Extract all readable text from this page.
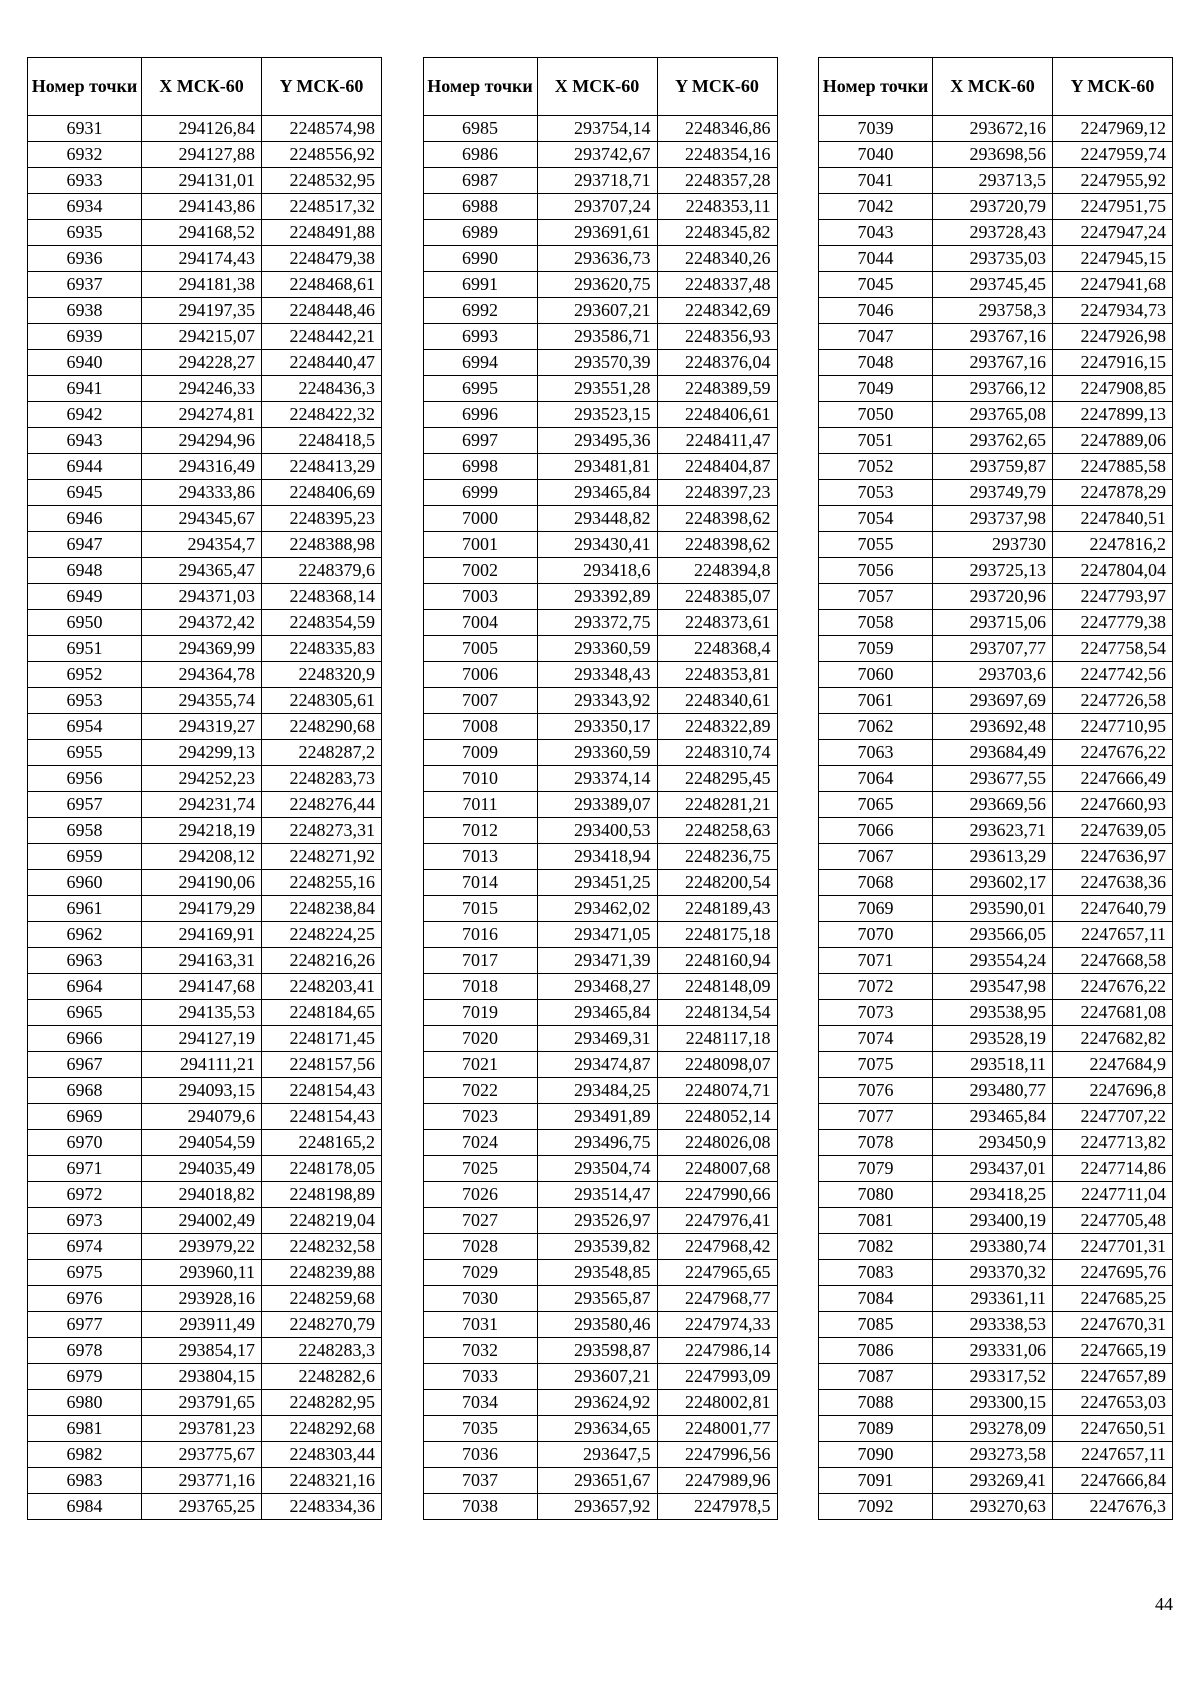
Номер точки	X МСК-60	Y МСК-60
6931	294126,84	2248574,98
6932	294127,88	2248556,92
6933	294131,01	2248532,95
6934	294143,86	2248517,32
6935	294168,52	2248491,88
6936	294174,43	2248479,38
6937	294181,38	2248468,61
6938	294197,35	2248448,46
6939	294215,07	2248442,21
6940	294228,27	2248440,47
6941	294246,33	2248436,3
6942	294274,81	2248422,32
6943	294294,96	2248418,5
6944	294316,49	2248413,29
6945	294333,86	2248406,69
6946	294345,67	2248395,23
6947	294354,7	2248388,98
6948	294365,47	2248379,6
6949	294371,03	2248368,14
6950	294372,42	2248354,59
6951	294369,99	2248335,83
6952	294364,78	2248320,9
6953	294355,74	2248305,61
6954	294319,27	2248290,68
6955	294299,13	2248287,2
6956	294252,23	2248283,73
6957	294231,74	2248276,44
6958	294218,19	2248273,31
6959	294208,12	2248271,92
6960	294190,06	2248255,16
6961	294179,29	2248238,84
6962	294169,91	2248224,25
6963	294163,31	2248216,26
6964	294147,68	2248203,41
6965	294135,53	2248184,65
6966	294127,19	2248171,45
6967	294111,21	2248157,56
6968	294093,15	2248154,43
6969	294079,6	2248154,43
6970	294054,59	2248165,2
6971	294035,49	2248178,05
6972	294018,82	2248198,89
6973	294002,49	2248219,04
6974	293979,22	2248232,58
6975	293960,11	2248239,88
6976	293928,16	2248259,68
6977	293911,49	2248270,79
6978	293854,17	2248283,3
6979	293804,15	2248282,6
6980	293791,65	2248282,95
6981	293781,23	2248292,68
6982	293775,67	2248303,44
6983	293771,16	2248321,16
6984	293765,25	2248334,36
Номер точки	X МСК-60	Y МСК-60
6985	293754,14	2248346,86
6986	293742,67	2248354,16
6987	293718,71	2248357,28
6988	293707,24	2248353,11
6989	293691,61	2248345,82
6990	293636,73	2248340,26
6991	293620,75	2248337,48
6992	293607,21	2248342,69
6993	293586,71	2248356,93
6994	293570,39	2248376,04
6995	293551,28	2248389,59
6996	293523,15	2248406,61
6997	293495,36	2248411,47
6998	293481,81	2248404,87
6999	293465,84	2248397,23
7000	293448,82	2248398,62
7001	293430,41	2248398,62
7002	293418,6	2248394,8
7003	293392,89	2248385,07
7004	293372,75	2248373,61
7005	293360,59	2248368,4
7006	293348,43	2248353,81
7007	293343,92	2248340,61
7008	293350,17	2248322,89
7009	293360,59	2248310,74
7010	293374,14	2248295,45
7011	293389,07	2248281,21
7012	293400,53	2248258,63
7013	293418,94	2248236,75
7014	293451,25	2248200,54
7015	293462,02	2248189,43
7016	293471,05	2248175,18
7017	293471,39	2248160,94
7018	293468,27	2248148,09
7019	293465,84	2248134,54
7020	293469,31	2248117,18
7021	293474,87	2248098,07
7022	293484,25	2248074,71
7023	293491,89	2248052,14
7024	293496,75	2248026,08
7025	293504,74	2248007,68
7026	293514,47	2247990,66
7027	293526,97	2247976,41
7028	293539,82	2247968,42
7029	293548,85	2247965,65
7030	293565,87	2247968,77
7031	293580,46	2247974,33
7032	293598,87	2247986,14
7033	293607,21	2247993,09
7034	293624,92	2248002,81
7035	293634,65	2248001,77
7036	293647,5	2247996,56
7037	293651,67	2247989,96
7038	293657,92	2247978,5
Номер точки	X МСК-60	Y МСК-60
7039	293672,16	2247969,12
7040	293698,56	2247959,74
7041	293713,5	2247955,92
7042	293720,79	2247951,75
7043	293728,43	2247947,24
7044	293735,03	2247945,15
7045	293745,45	2247941,68
7046	293758,3	2247934,73
7047	293767,16	2247926,98
7048	293767,16	2247916,15
7049	293766,12	2247908,85
7050	293765,08	2247899,13
7051	293762,65	2247889,06
7052	293759,87	2247885,58
7053	293749,79	2247878,29
7054	293737,98	2247840,51
7055	293730	2247816,2
7056	293725,13	2247804,04
7057	293720,96	2247793,97
7058	293715,06	2247779,38
7059	293707,77	2247758,54
7060	293703,6	2247742,56
7061	293697,69	2247726,58
7062	293692,48	2247710,95
7063	293684,49	2247676,22
7064	293677,55	2247666,49
7065	293669,56	2247660,93
7066	293623,71	2247639,05
7067	293613,29	2247636,97
7068	293602,17	2247638,36
7069	293590,01	2247640,79
7070	293566,05	2247657,11
7071	293554,24	2247668,58
7072	293547,98	2247676,22
7073	293538,95	2247681,08
7074	293528,19	2247682,82
7075	293518,11	2247684,9
7076	293480,77	2247696,8
7077	293465,84	2247707,22
7078	293450,9	2247713,82
7079	293437,01	2247714,86
7080	293418,25	2247711,04
7081	293400,19	2247705,48
7082	293380,74	2247701,31
7083	293370,32	2247695,76
7084	293361,11	2247685,25
7085	293338,53	2247670,31
7086	293331,06	2247665,19
7087	293317,52	2247657,89
7088	293300,15	2247653,03
7089	293278,09	2247650,51
7090	293273,58	2247657,11
7091	293269,41	2247666,84
7092	293270,63	2247676,3
44
